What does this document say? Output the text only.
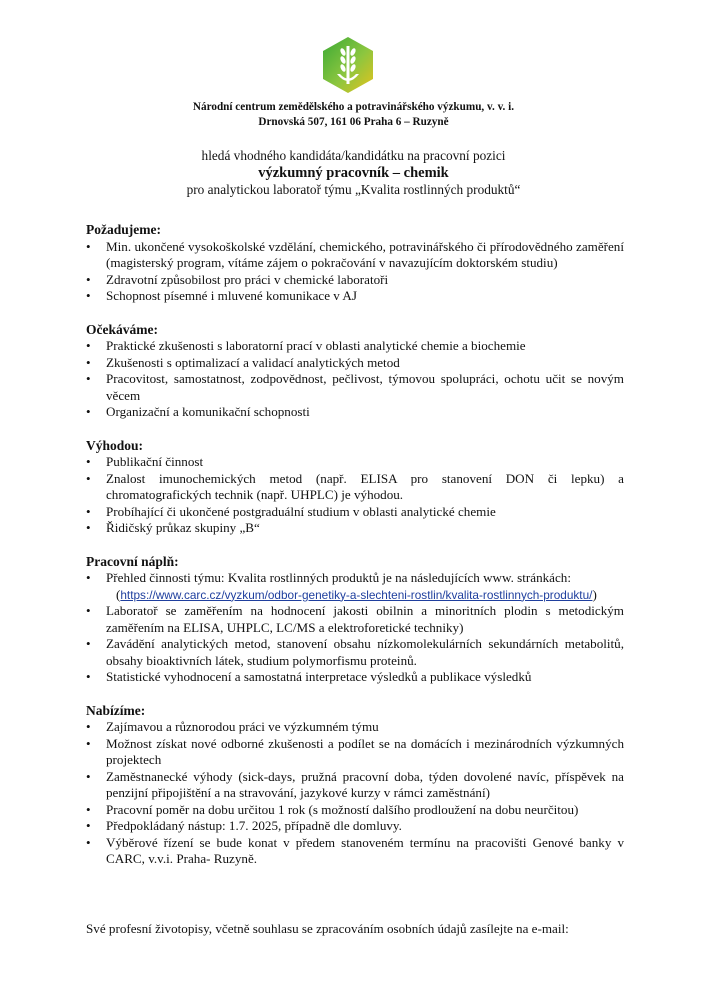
Národní centrum zemědělského a potravinářského výzkumu, v. v. i.
Drnovská 507, 161 06 Praha 6 – Ruzyně
hledá vhodného kandidáta/kandidátku na pracovní pozici
výzkumný pracovník – chemik
pro analytickou laboratoř týmu „Kvalita rostlinných produktů“
Požadujeme:
• Min. ukončené vysokoškolské vzdělání, chemického, potravinářského či přírodovědného zaměření (magisterský program, vítáme zájem o pokračování v navazujícím doktorském studiu)
• Zdravotní způsobilost pro práci v chemické laboratoři
• Schopnost písemné i mluvené komunikace v AJ
Očekáváme:
• Praktické zkušenosti s laboratorní prací v oblasti analytické chemie a biochemie
• Zkušenosti s optimalizací a validací analytických metod
• Pracovitost, samostatnost, zodpovědnost, pečlivost, týmovou spolupráci, ochotu učit se novým věcem
• Organizační a komunikační schopnosti
Výhodou:
• Publikační činnost
• Znalost imunochemických metod (např. ELISA pro stanovení DON či lepku) a chromatografických technik (např. UHPLC) je výhodou.
• Probíhající či ukončené postgraduální studium v oblasti analytické chemie
• Řidičský průkaz skupiny „B“
Pracovní náplň:
• Přehled činnosti týmu: Kvalita rostlinných produktů je na následujících www. stránkách:
(https://www.carc.cz/vyzkum/odbor-genetiky-a-slechteni-rostlin/kvalita-rostlinnych-produktu/)
• Laboratoř se zaměřením na hodnocení jakosti obilnin a minoritních plodin s metodickým zaměřením na ELISA, UHPLC, LC/MS a elektroforetické techniky)
• Zavádění analytických metod, stanovení obsahu nízkomolekulárních sekundárních metabolitů, obsahy bioaktivních látek, studium polymorfismu proteinů.
• Statistické vyhodnocení a samostatná interpretace výsledků a publikace výsledků
Nabízíme:
• Zajímavou a různorodou práci ve výzkumném týmu
• Možnost získat nové odborné zkušenosti a podílet se na domácích i mezinárodních výzkumných projektech
• Zaměstnanecké výhody (sick-days, pružná pracovní doba, týden dovolené navíc, příspěvek na penzijní připojištění a na stravování, jazykové kurzy v rámci zaměstnání)
• Pracovní poměr na dobu určitou 1 rok (s možností dalšího prodloužení na dobu neurčitou)
• Předpokládaný nástup: 1.7. 2025, případně dle domluvy.
• Výběrové řízení se bude konat v předem stanoveném termínu na pracovišti Genové banky v CARC, v.v.i. Praha- Ruzyně.
Své profesní životopisy, včetně souhlasu se zpracováním osobních údajů zasílejte na e-mail:
